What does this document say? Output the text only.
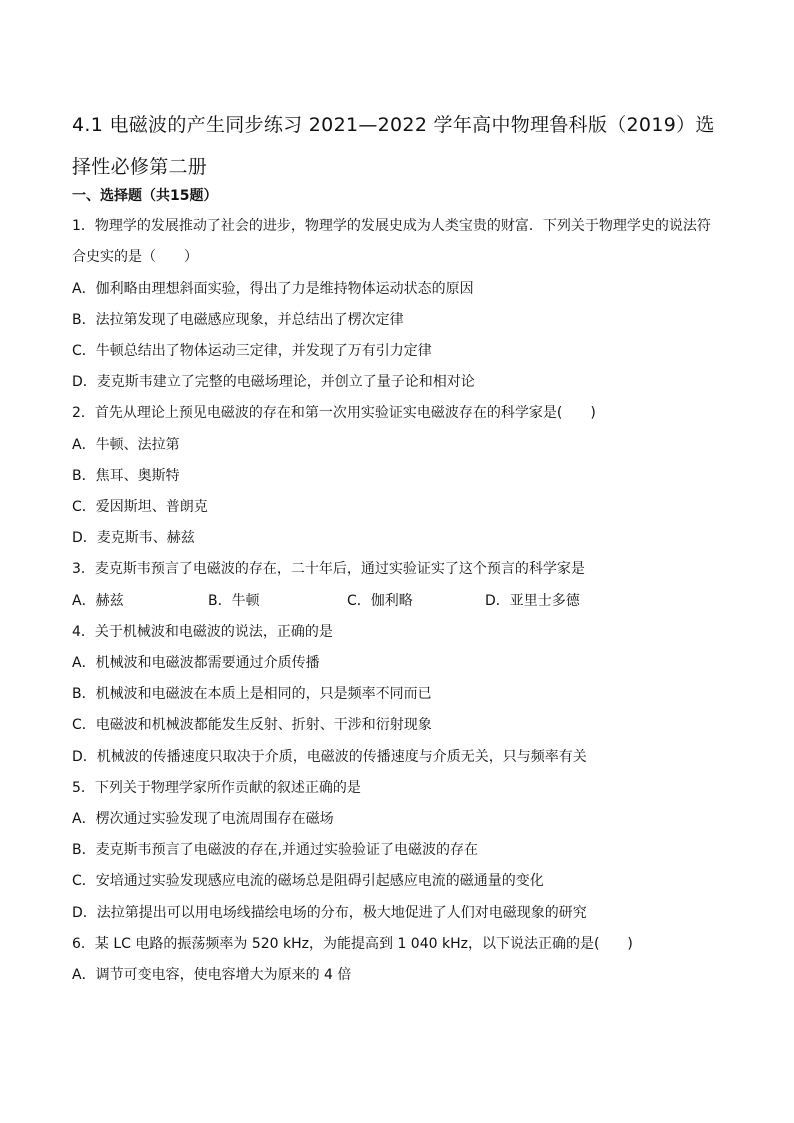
4.1 电磁波的产生同步练习 2021—2022 学年高中物理鲁科版（2019）选择性必修第二册
一、选择题（共15题）
1．物理学的发展推动了社会的进步，物理学的发展史成为人类宝贵的财富．下列关于物理学史的说法符
合史实的是（　　）
A．伽利略由理想斜面实验，得出了力是维持物体运动状态的原因
B．法拉第发现了电磁感应现象，并总结出了楞次定律
C．牛顿总结出了物体运动三定律，并发现了万有引力定律
D．麦克斯韦建立了完整的电磁场理论，并创立了量子论和相对论
2．首先从理论上预见电磁波的存在和第一次用实验证实电磁波存在的科学家是(　　)
A．牛顿、法拉第
B．焦耳、奥斯特
C．爱因斯坦、普朗克
D．麦克斯韦、赫兹
3．麦克斯韦预言了电磁波的存在，二十年后，通过实验证实了这个预言的科学家是
A．赫兹	B．牛顿	C．伽利略	D．亚里士多德
4．关于机械波和电磁波的说法，正确的是
A．机械波和电磁波都需要通过介质传播
B．机械波和电磁波在本质上是相同的，只是频率不同而已
C．电磁波和机械波都能发生反射、折射、干涉和衍射现象
D．机械波的传播速度只取决于介质，电磁波的传播速度与介质无关，只与频率有关
5．下列关于物理学家所作贡献的叙述正确的是
A．楞次通过实验发现了电流周围存在磁场
B．麦克斯韦预言了电磁波的存在,并通过实验验证了电磁波的存在
C．安培通过实验发现感应电流的磁场总是阻碍引起感应电流的磁通量的变化
D．法拉第提出可以用电场线描绘电场的分布，极大地促进了人们对电磁现象的研究
6．某 LC 电路的振荡频率为 520 kHz，为能提高到 1 040 kHz，以下说法正确的是(　　)
A．调节可变电容，使电容增大为原来的 4 倍
